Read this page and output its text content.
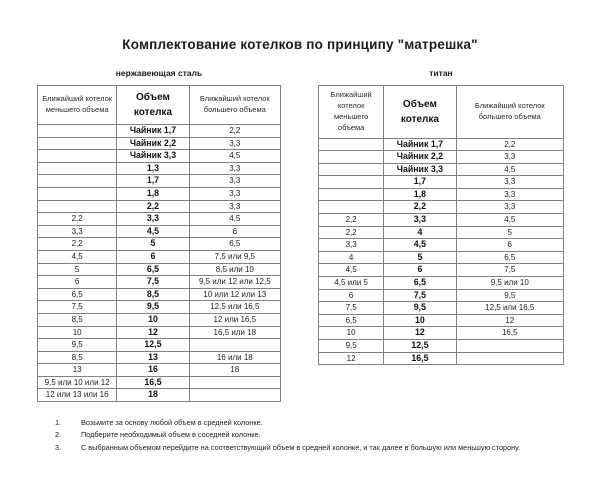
Комплектование котелков по принципу "матрешка"
нержавеющая сталь
Ближайший котелок меньшего объема	Объем котелка	Ближайший котелок большего объема
	Чайник 1,7	2,2
	Чайник 2,2	3,3
	Чайник 3,3	4,5
	1,3	3,3
	1,7	3,3
	1,8	3,3
	2,2	3,3
2,2	3,3	4,5
3,3	4,5	6
2,2	5	6,5
4,5	6	7,5 или 9,5
5	6,5	8,5 или 10
6	7,5	9,5 или 12 или 12,5
6,5	8,5	10 или 12 или 13
7,5	9,5	12,5 или 16,5
8,5	10	12 или 16,5
10	12	16,5 или 18
9,5	12,5	
8,5	13	16 или 18
13	16	18
9,5 или 10 или 12	16,5	
12 или 13 или 16	18	
титан
Ближайший котелок меньшего объема	Объем котелка	Ближайший котелок большего объема
	Чайник 1,7	2,2
	Чайник 2,2	3,3
	Чайник 3,3	4,5
	1,7	3,3
	1,8	3,3
	2,2	3,3
2,2	3,3	4,5
2,2	4	5
3,3	4,5	6
4	5	6,5
4,5	6	7,5
4,5 или 5	6,5	9,5 или 10
6	7,5	9,5
7,5	9,5	12,5 или 16,5
6,5	10	12
10	12	16,5
9,5	12,5	
12	16,5	
1.	Возьмите за основу любой объем в средней колонке.
2.	Подберите необходимый объем в соседней колонке.
3.	С выбранным объемом перейдите на соответствующий объем в средней колонке, и так далее в большую или меньшую сторону.
